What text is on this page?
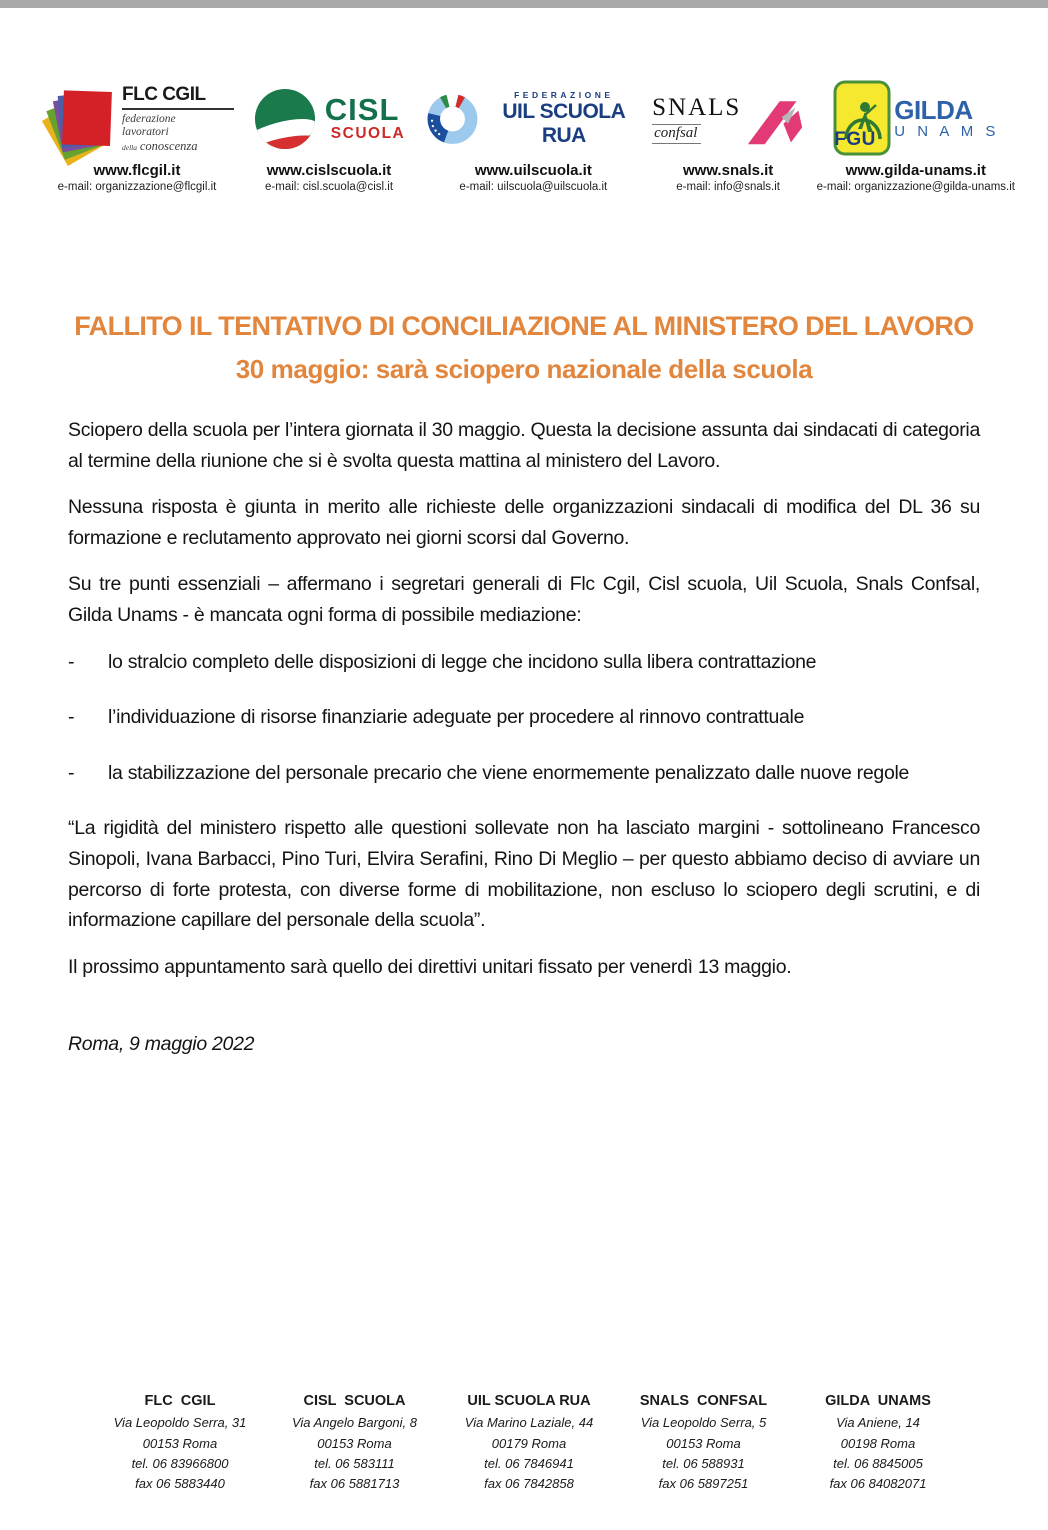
FLC CGIL
federazione
lavoratori
della conoscenza
www.flcgil.it
e-mail: organizzazione@flcgil.it
CISL
SCUOLA
www.cislscuola.it
e-mail: cisl.scuola@cisl.it
FEDERAZIONE
UIL SCUOLA RUA
www.uilscuola.it
e-mail: uilscuola@uilscuola.it
SNALS
confsal
www.snals.it
e-mail: info@snals.it
FGU
GILDA
U N A M S
www.gilda-unams.it
e-mail: organizzazione@gilda-unams.it
FALLITO IL TENTATIVO DI CONCILIAZIONE AL MINISTERO DEL LAVORO
30 maggio: sarà sciopero nazionale della scuola

Sciopero della scuola per l’intera giornata il 30 maggio. Questa la decisione assunta dai sindacati di categoria al termine della riunione che si è svolta questa mattina al ministero del Lavoro.

Nessuna risposta è giunta in merito alle richieste delle organizzazioni sindacali di modifica del DL 36 su formazione e reclutamento approvato nei giorni scorsi dal Governo.

Su tre punti essenziali – affermano i segretari generali di Flc Cgil, Cisl scuola, Uil Scuola, Snals Confsal, Gilda Unams - è mancata ogni forma di possibile mediazione:

-	lo stralcio completo delle disposizioni di legge che incidono sulla libera contrattazione
-	l’individuazione di risorse finanziarie adeguate per procedere al rinnovo contrattuale
-	la stabilizzazione del personale precario che viene enormemente penalizzato dalle nuove regole

“La rigidità del ministero rispetto alle questioni sollevate non ha lasciato margini - sottolineano Francesco Sinopoli, Ivana Barbacci, Pino Turi, Elvira Serafini, Rino Di Meglio – per questo abbiamo deciso di avviare un percorso di forte protesta, con diverse forme di mobilitazione, non escluso lo sciopero degli scrutini, e di informazione capillare del personale della scuola”.

Il prossimo appuntamento sarà quello dei direttivi unitari fissato per venerdì 13 maggio.

Roma, 9 maggio 2022
FLC  CGIL
Via Leopoldo Serra, 31
00153 Roma
tel. 06 83966800
fax 06 5883440
CISL  SCUOLA
Via Angelo Bargoni, 8
00153 Roma
tel. 06 583111
fax 06 5881713
UIL SCUOLA RUA
Via Marino Laziale, 44
00179 Roma
tel. 06 7846941
fax 06 7842858
SNALS  CONFSAL
Via Leopoldo Serra, 5
00153 Roma
tel. 06 588931
fax 06 5897251
GILDA  UNAMS
Via Aniene, 14
00198 Roma
tel. 06 8845005
fax 06 84082071
